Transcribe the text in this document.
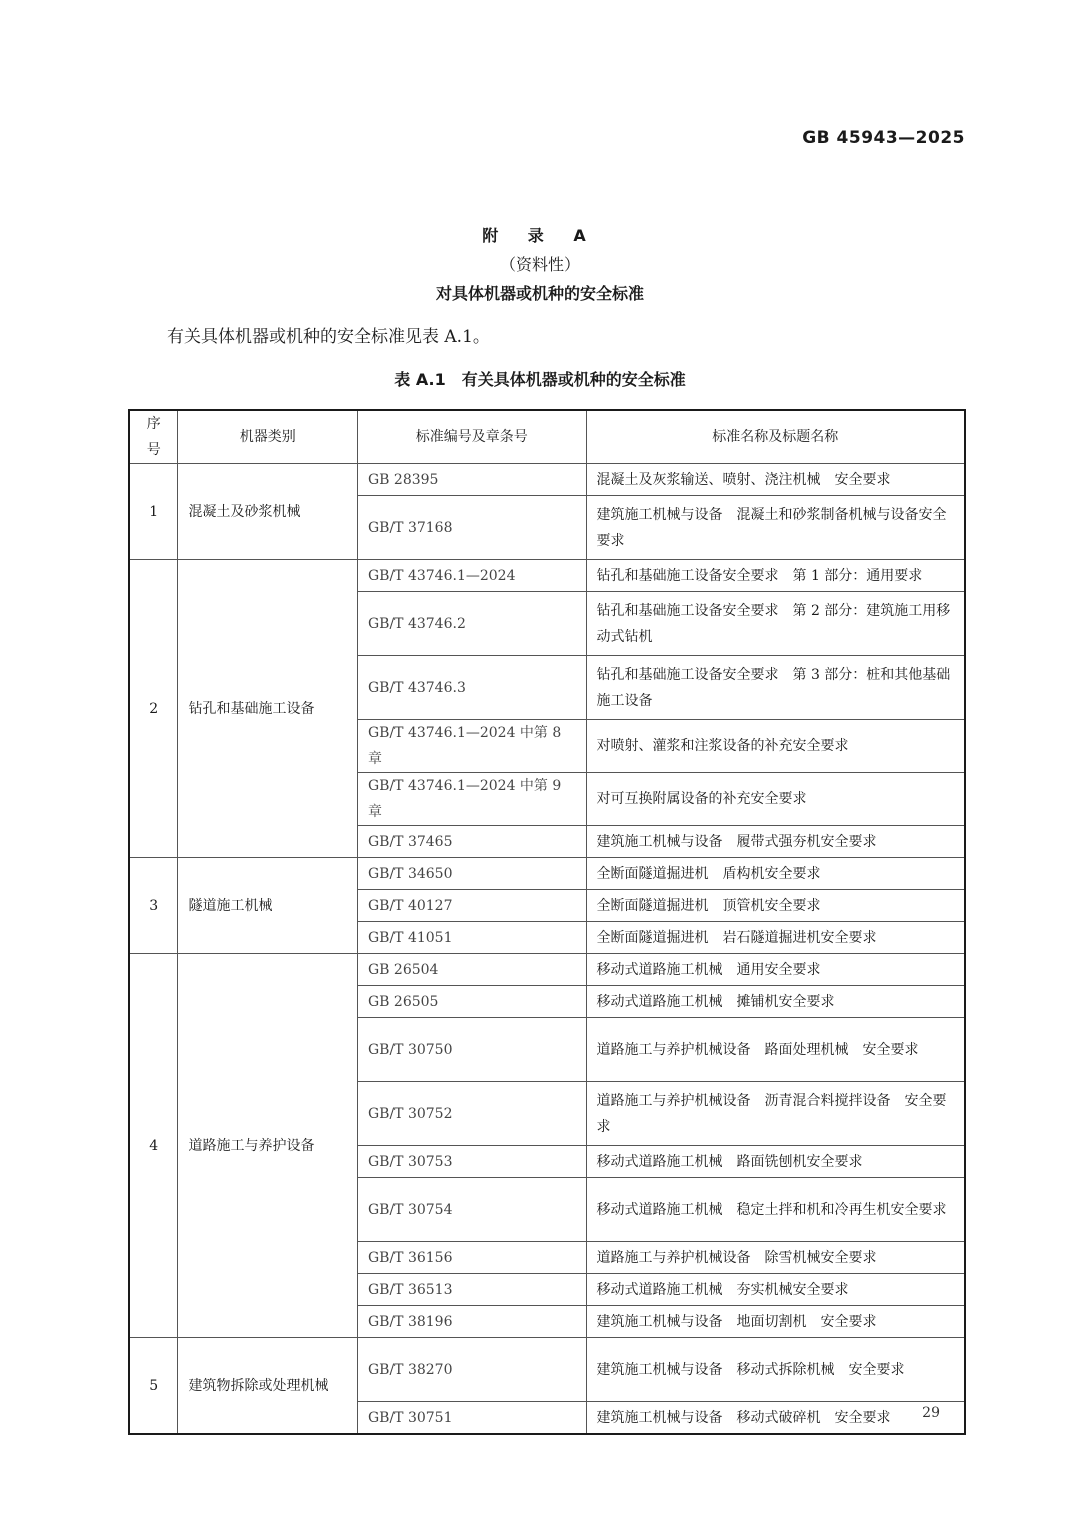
GB 45943—2025
附 录 A
（资料性）
对具体机器或机种的安全标准
有关具体机器或机种的安全标准见表 A.1。
表 A.1　有关具体机器或机种的安全标准
序号	机器类别	标准编号及章条号	标准名称及标题名称
1	混凝土及砂浆机械	GB 28395	混凝土及灰浆输送、喷射、浇注机械　安全要求
		GB/T 37168	建筑施工机械与设备　混凝土和砂浆制备机械与设备安全要求
2	钻孔和基础施工设备	GB/T 43746.1—2024	钻孔和基础施工设备安全要求　第 1 部分：通用要求
		GB/T 43746.2	钻孔和基础施工设备安全要求　第 2 部分：建筑施工用移动式钻机
		GB/T 43746.3	钻孔和基础施工设备安全要求　第 3 部分：桩和其他基础施工设备
		GB/T 43746.1—2024 中第 8 章	对喷射、灌浆和注浆设备的补充安全要求
		GB/T 43746.1—2024 中第 9 章	对可互换附属设备的补充安全要求
		GB/T 37465	建筑施工机械与设备　履带式强夯机安全要求
3	隧道施工机械	GB/T 34650	全断面隧道掘进机　盾构机安全要求
		GB/T 40127	全断面隧道掘进机　顶管机安全要求
		GB/T 41051	全断面隧道掘进机　岩石隧道掘进机安全要求
4	道路施工与养护设备	GB 26504	移动式道路施工机械　通用安全要求
		GB 26505	移动式道路施工机械　摊铺机安全要求
		GB/T 30750	道路施工与养护机械设备　路面处理机械　安全要求
		GB/T 30752	道路施工与养护机械设备　沥青混合料搅拌设备　安全要求
		GB/T 30753	移动式道路施工机械　路面铣刨机安全要求
		GB/T 30754	移动式道路施工机械　稳定土拌和机和冷再生机安全要求
		GB/T 36156	道路施工与养护机械设备　除雪机械安全要求
		GB/T 36513	移动式道路施工机械　夯实机械安全要求
		GB/T 38196	建筑施工机械与设备　地面切割机　安全要求
5	建筑物拆除或处理机械	GB/T 38270	建筑施工机械与设备　移动式拆除机械　安全要求
		GB/T 30751	建筑施工机械与设备　移动式破碎机　安全要求 29
